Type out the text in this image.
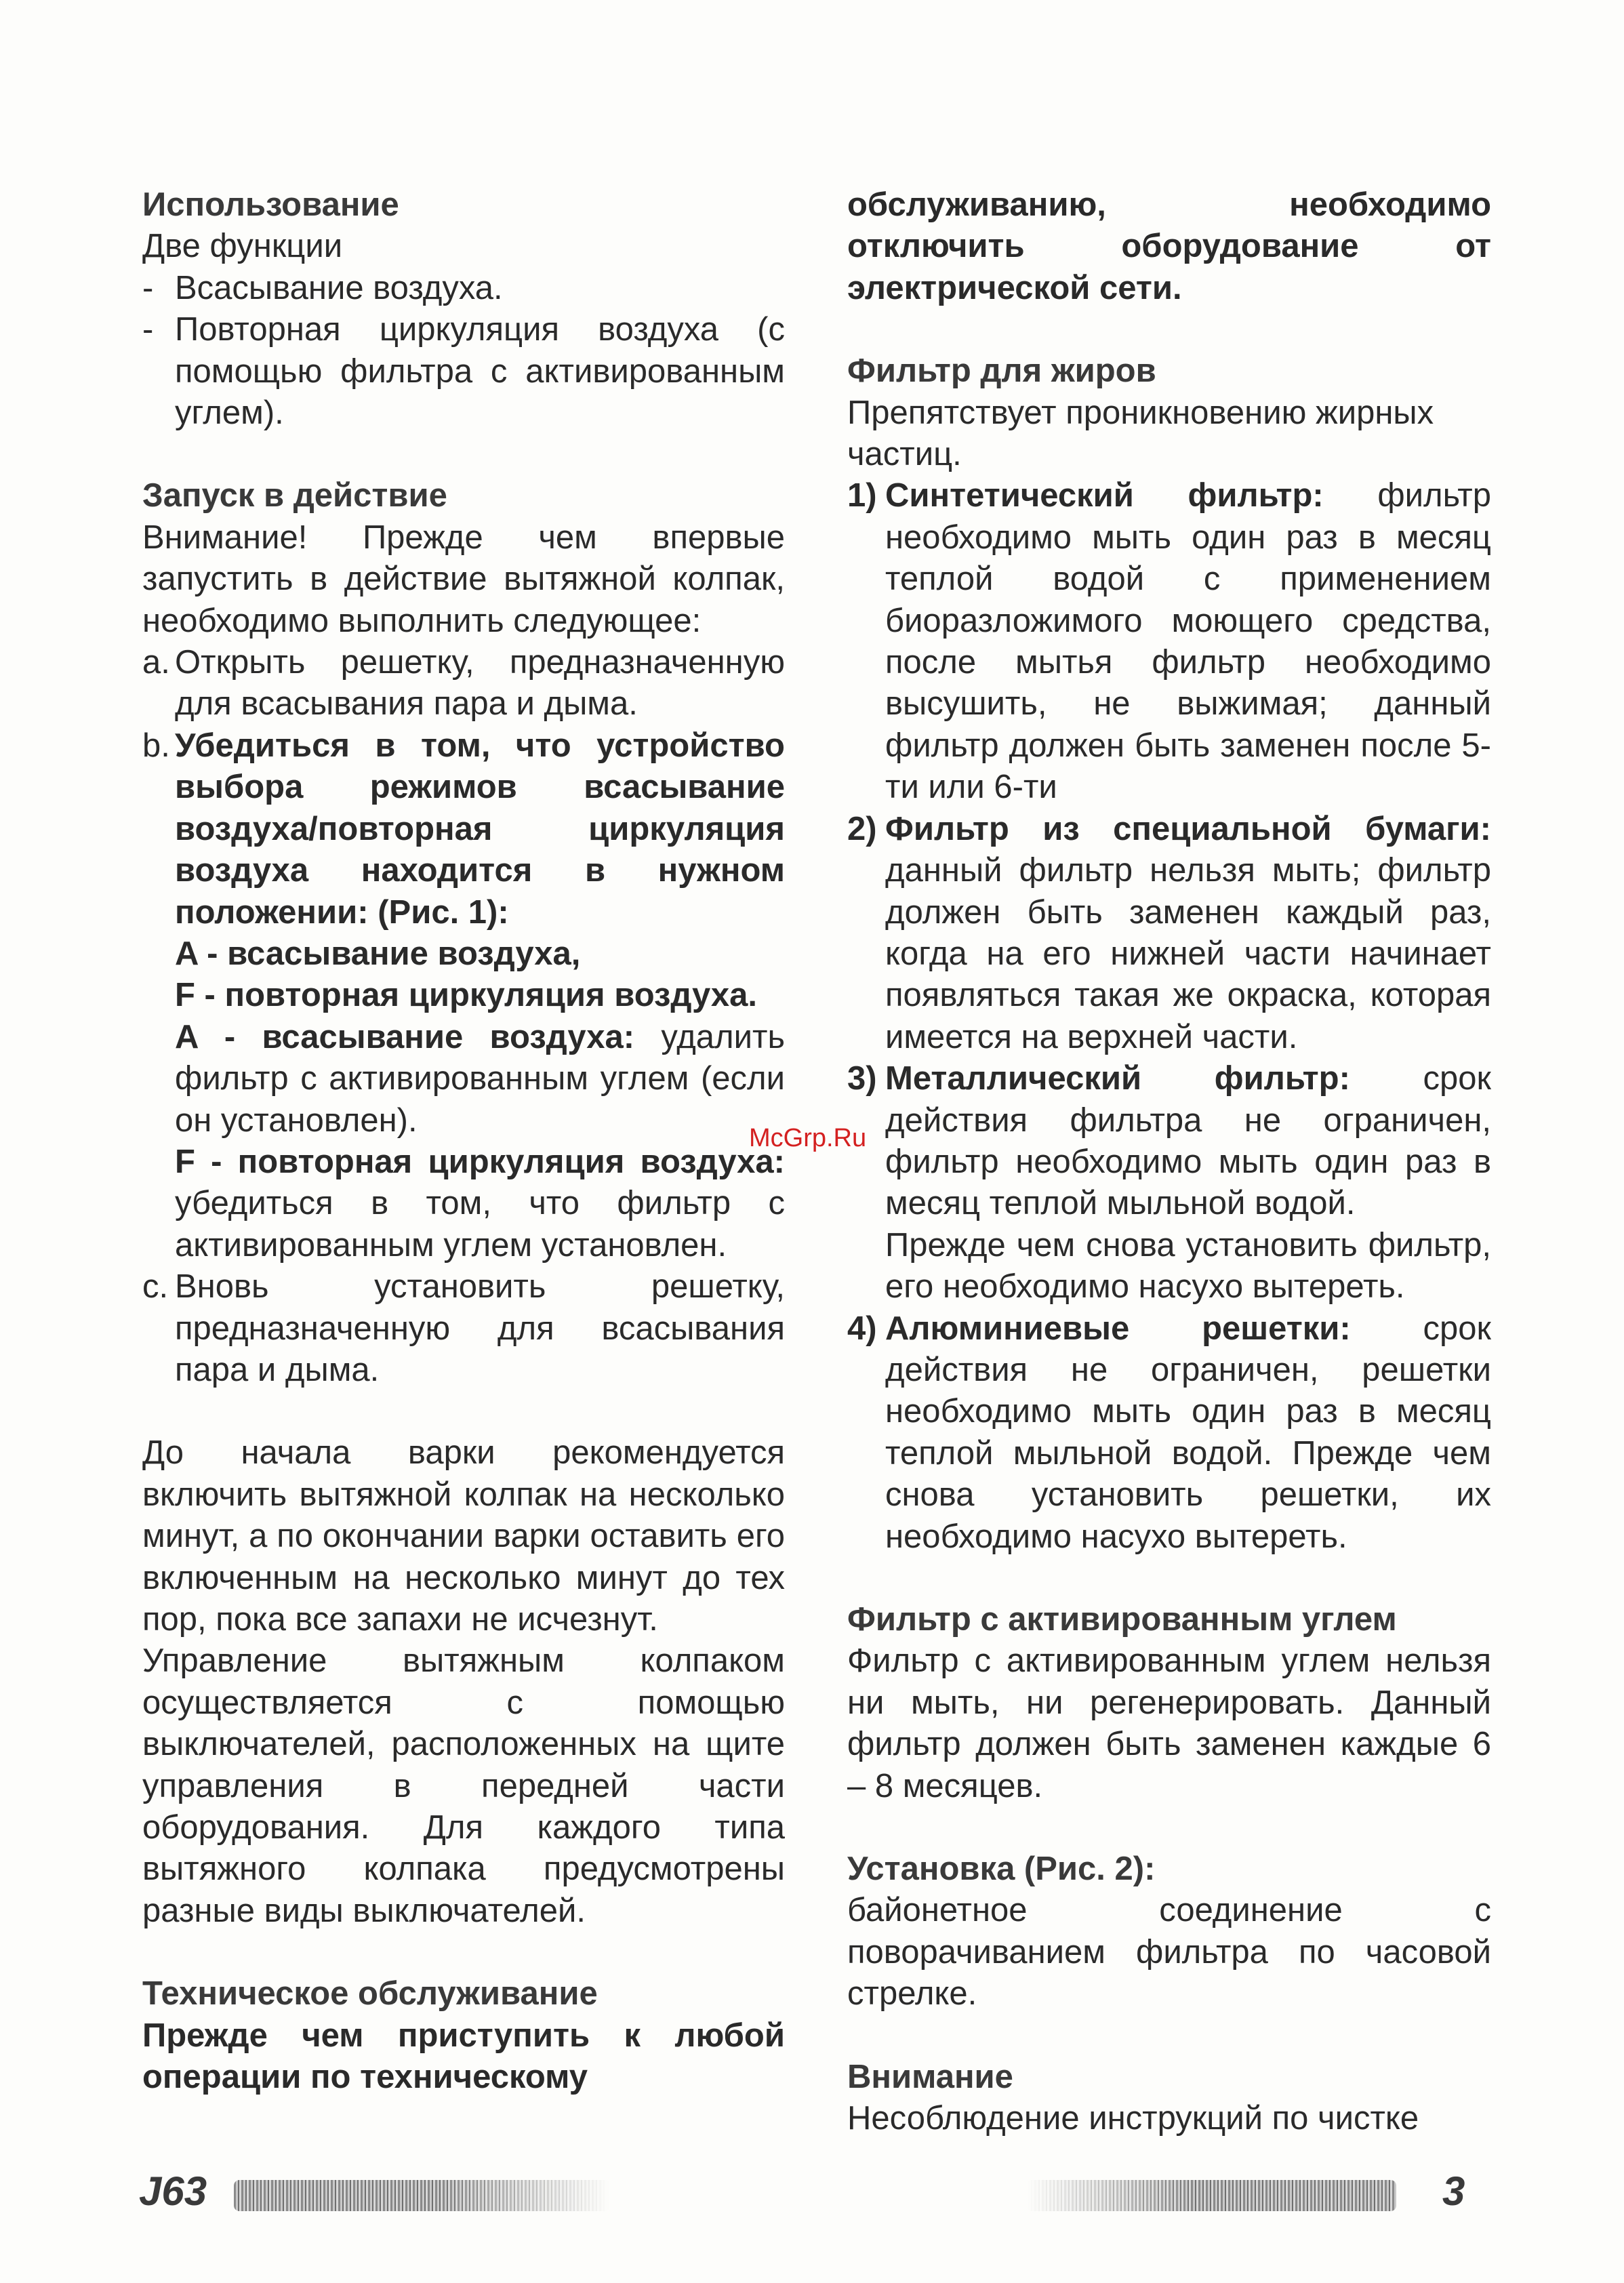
Использование

Две функции

- Всасывание воздуха.
- Повторная циркуляция воздуха (с помощью фильтра с активированным углем).

Запуск в действие

Внимание! Прежде чем впервые запустить в действие вытяжной колпак, необходимо выполнить следующее:

a. Открыть решетку, предназначенную для всасывания пара и дыма.
b. Убедиться в том, что устройство выбора режимов всасывание воздуха/повторная циркуляция воздуха находится в нужном положении: (Рис. 1):

A - всасывание воздуха,

F - повторная циркуляция воздуха.

A - всасывание воздуха: удалить фильтр с активированным углем (если он установлен).

F - повторная циркуляция воздуха: убедиться в том, что фильтр с активированным углем установлен.

c. Вновь установить решетку, предназначенную для всасывания пара и дыма.

До начала варки рекомендуется включить вытяжной колпак на несколько минут, а по окончании варки оставить его включенным на несколько минут до тех пор, пока все запахи не исчезнут.

Управление вытяжным колпаком осуществляется с помощью выключателей, расположенных на щите управления в передней части оборудования. Для каждого типа вытяжного колпака предусмотрены разные виды выключателей.

Техническое обслуживание

Прежде чем приступить к любой операции по техническому

обслуживанию, необходимо отключить оборудование от электрической сети.

Фильтр для жиров

Препятствует проникновению жирных частиц.

1) Синтетический фильтр: фильтр необходимо мыть один раз в месяц теплой водой с применением биоразложимого моющего средства, после мытья фильтр необходимо высушить, не выжимая; данный фильтр должен быть заменен после 5-ти или 6-ти
2) Фильтр из специальной бумаги: данный фильтр нельзя мыть; фильтр должен быть заменен каждый раз, когда на его нижней части начинает появляться такая же окраска, которая имеется на верхней части.
3) Металлический фильтр: срок действия фильтра не ограничен, фильтр необходимо мыть один раз в месяц теплой мыльной водой.
Прежде чем снова установить фильтр, его необходимо насухо вытереть.
4) Алюминиевые решетки: срок действия не ограничен, решетки необходимо мыть один раз в месяц теплой мыльной водой. Прежде чем снова установить решетки, их необходимо насухо вытереть.

Фильтр с активированным углем

Фильтр с активированным углем нельзя ни мыть, ни регенерировать. Данный фильтр должен быть заменен каждые 6 – 8 месяцев.

Установка (Рис. 2):

байонетное соединение с поворачиванием фильтра по часовой стрелке.

Внимание

Несоблюдение инструкций по чистке

McGrp.Ru
J63	3
